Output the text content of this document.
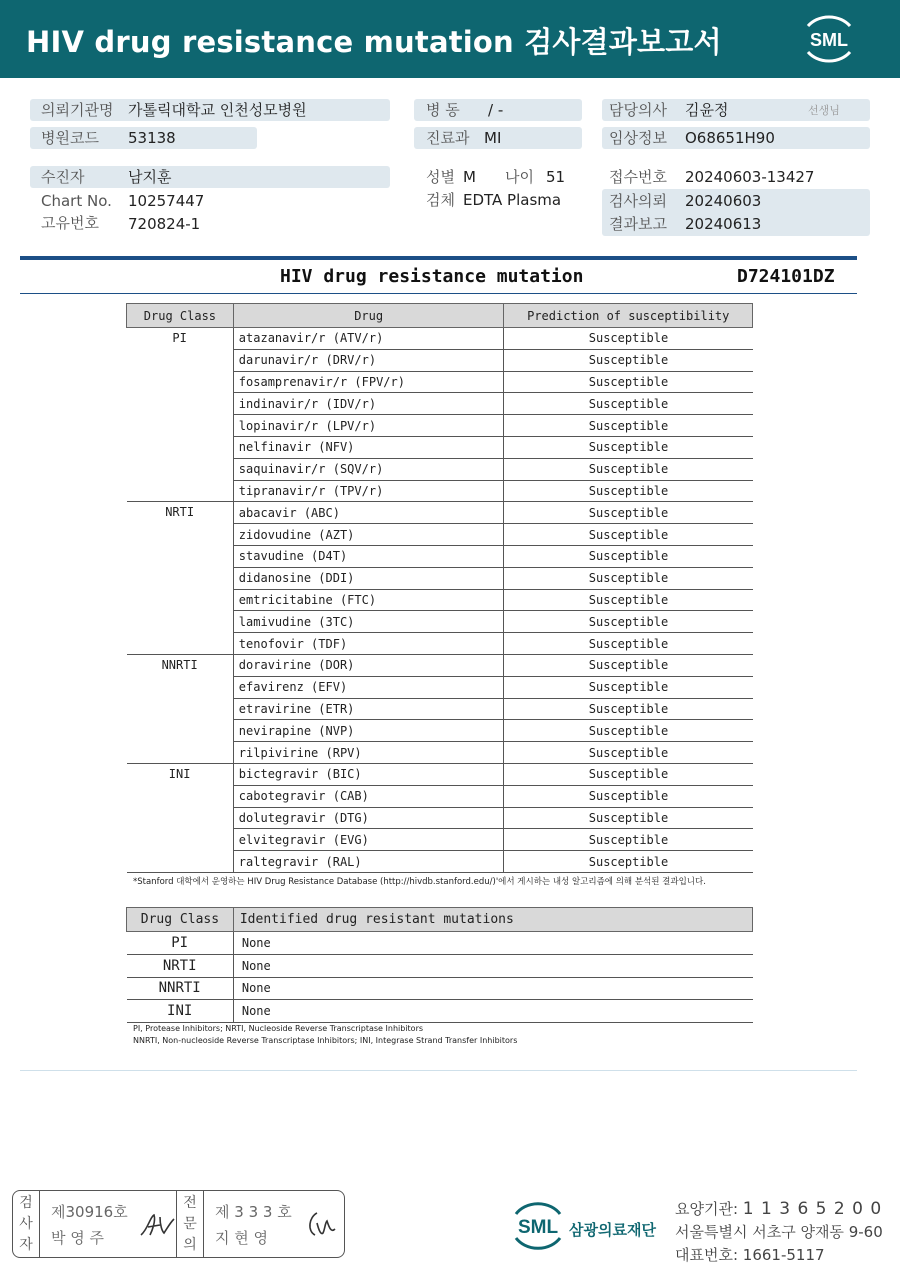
HIV drug resistance mutation 검사결과보고서	SML
의뢰기관명 가톨릭대학교 인천성모병원
병원코드 53138
수진자	남지훈
Chart No. 10257447
고유번호 720824-1
병 동 / -
진료과 MI
성별 M 나이 51
검체 EDTA Plasma
담당의사 김윤정	선생님
임상정보 O68651H90
접수번호 20240603-13427
검사의뢰 20240603
결과보고 20240613
HIV drug resistance mutation	D724101DZ
Drug Class	Drug	Prediction of susceptibility
PI	atazanavir/r (ATV/r)	Susceptible
	darunavir/r (DRV/r)	Susceptible
	fosamprenavir/r (FPV/r)	Susceptible
	indinavir/r (IDV/r)	Susceptible
	lopinavir/r (LPV/r)	Susceptible
	nelfinavir (NFV)	Susceptible
	saquinavir/r (SQV/r)	Susceptible
	tipranavir/r (TPV/r)	Susceptible
NRTI	abacavir (ABC)	Susceptible
	zidovudine (AZT)	Susceptible
	stavudine (D4T)	Susceptible
	didanosine (DDI)	Susceptible
	emtricitabine (FTC)	Susceptible
	lamivudine (3TC)	Susceptible
	tenofovir (TDF)	Susceptible
NNRTI	doravirine (DOR)	Susceptible
	efavirenz (EFV)	Susceptible
	etravirine (ETR)	Susceptible
	nevirapine (NVP)	Susceptible
	rilpivirine (RPV)	Susceptible
INI	bictegravir (BIC)	Susceptible
	cabotegravir (CAB)	Susceptible
	dolutegravir (DTG)	Susceptible
	elvitegravir (EVG)	Susceptible
	raltegravir (RAL)	Susceptible
*Stanford 대학에서 운영하는 HIV Drug Resistance Database (http://hivdb.stanford.edu/)'에서 게시하는 내성 알고리즘에 의해 분석된 결과입니다.
Drug Class	Identified drug resistant mutations
PI	None
NRTI	None
NNRTI	None
INI	None
PI, Protease Inhibitors; NRTI, Nucleoside Reverse Transcriptase Inhibitors
NNRTI, Non-nucleoside Reverse Transcriptase Inhibitors; INI, Integrase Strand Transfer Inhibitors
검사자
제30916호
박 영 주
전문의
제 3 3 3 호
지 현 영	SML 삼광의료재단
요양기관: 1 1 3 6 5 2 0 0
서울특별시 서초구 양재동 9-60
대표번호: 1661-5117
